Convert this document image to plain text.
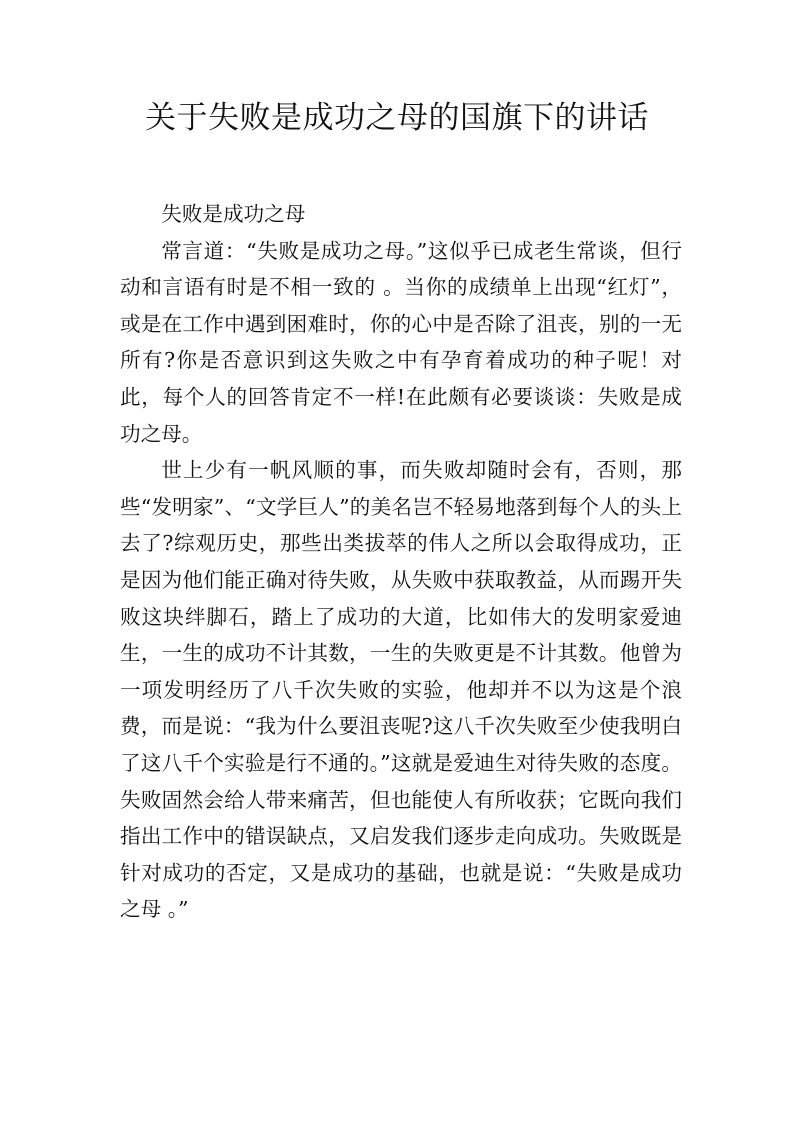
关于失败是成功之母的国旗下的讲话

失败是成功之母

常言道：“失败是成功之母。”这似乎已成老生常谈，但行动和言语有时是不相一致的 。当你的成绩单上出现“红灯”，或是在工作中遇到困难时，你的心中是否除了沮丧，别的一无所有?你是否意识到这失败之中有孕育着成功的种子呢！对此，每个人的回答肯定不一样!在此颇有必要谈谈：失败是成功之母。

世上少有一帆风顺的事，而失败却随时会有，否则，那些“发明家”、“文学巨人”的美名岂不轻易地落到每个人的头上去了?综观历史，那些出类拔萃的伟人之所以会取得成功，正是因为他们能正确对待失败，从失败中获取教益，从而踢开失败这块绊脚石，踏上了成功的大道，比如伟大的发明家爱迪生，一生的成功不计其数，一生的失败更是不计其数。他曾为一项发明经历了八千次失败的实验，他却并不以为这是个浪费，而是说：“我为什么要沮丧呢?这八千次失败至少使我明白了这八千个实验是行不通的。”这就是爱迪生对待失败的态度。失败固然会给人带来痛苦，但也能使人有所收获；它既向我们指出工作中的错误缺点，又启发我们逐步走向成功。失败既是针对成功的否定，又是成功的基础，也就是说：“失败是成功之母 。”
